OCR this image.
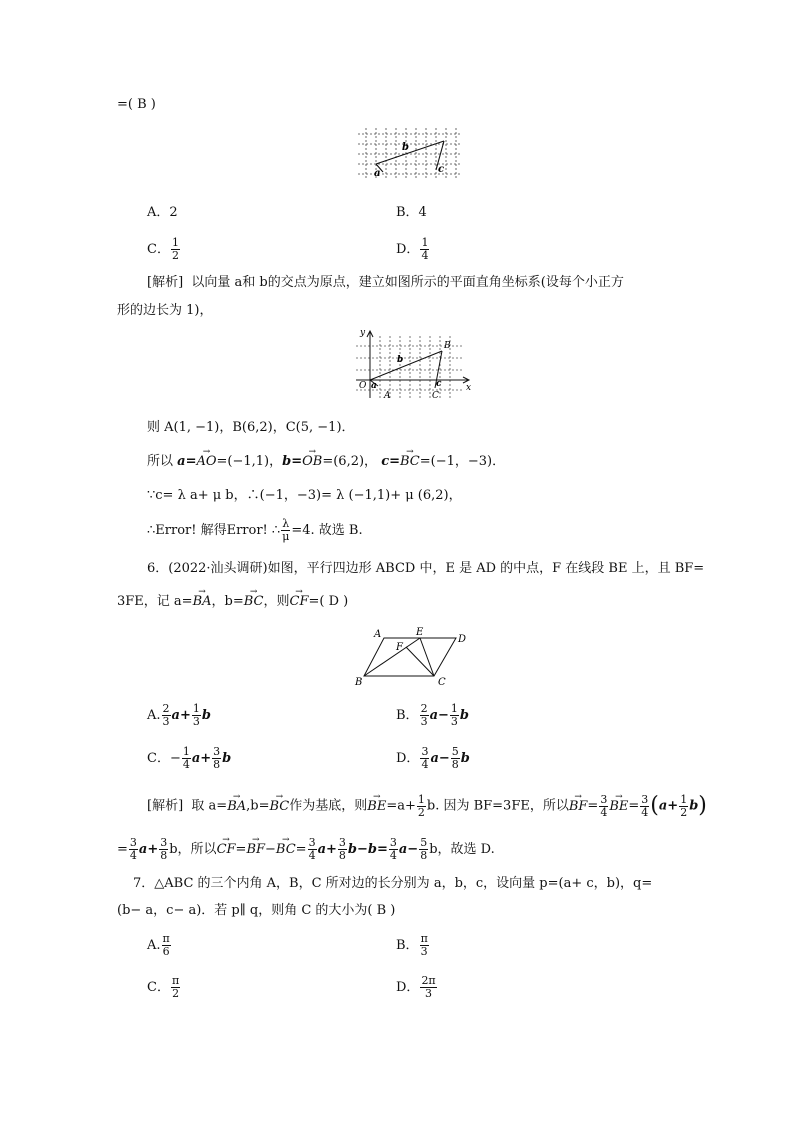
=( B )
b
a	c
A．2	B．4
C． $\frac{1}{2}$	D． $\frac{1}{4}$
[解析] 以向量 a和 b的交点为原点，建立如图所示的平面直角坐标系(设每个小正方
形的边长为 1)，
y
x
O
B
b
a	c
A	C
则 A(1, −1)，B(6,2)，C(5, −1)．
所以 a=→ AO=(−1,1)，b=→ OB=(6,2)， c=→ BC=(−1，−3)．
∵c= λ a+ μ b，∴(−1，−3)= λ (−1,1)+ μ (6,2)，
∴Error! 解得Error! ∴ $\frac{\lambda}{\mu} =4$. 故选 B.
6．(2022·汕头调研)如图，平行四边形 ABCD 中，E 是 AD 的中点，F 在线段 BE 上，且 BF=
3FE，记 a=→ BA，b=→ BC，则→ CF=( D )
A	E
D
F
B	C
A. $\frac{2}{3} a+ \frac{1}{3}$ b	B． $\frac{2}{3} a- \frac{1}{3}$ b
C．− $\frac{1}{4} a+ \frac{3}{8}$ b	D． $\frac{3}{4} a- \frac{5}{8}$ b
[解析] 取 a=→ BA,b=→ BC作为基底，则→ $BE=a+ \frac{1}{2} b$. 因为 BF=3FE，所以→ $BF= \frac{3}{4}$
→ $BE= \frac{3}{4} (a+ \frac{1}{2} b)$
= $\frac{3}{4} a+ \frac{3}{8}$ b，所以→ $CF=\to BF-\to BC= \frac{3}{4} a+ \frac{3}{8} b-b= \frac{3}{4} a- \frac{5}{8}$ b，故选 D.
7．△ABC 的三个内角 A，B，C 所对边的长分别为 a，b，c，设向量 p=(a+ c，b)，q=
(b− a，c− a)．若 p∥ q，则角 C 的大小为( B )
A. $\frac{\pi}{6}$	B． $\frac{\pi}{3}$
C． $\frac{\pi}{2}$	D． $\frac{2\pi}{3}$
